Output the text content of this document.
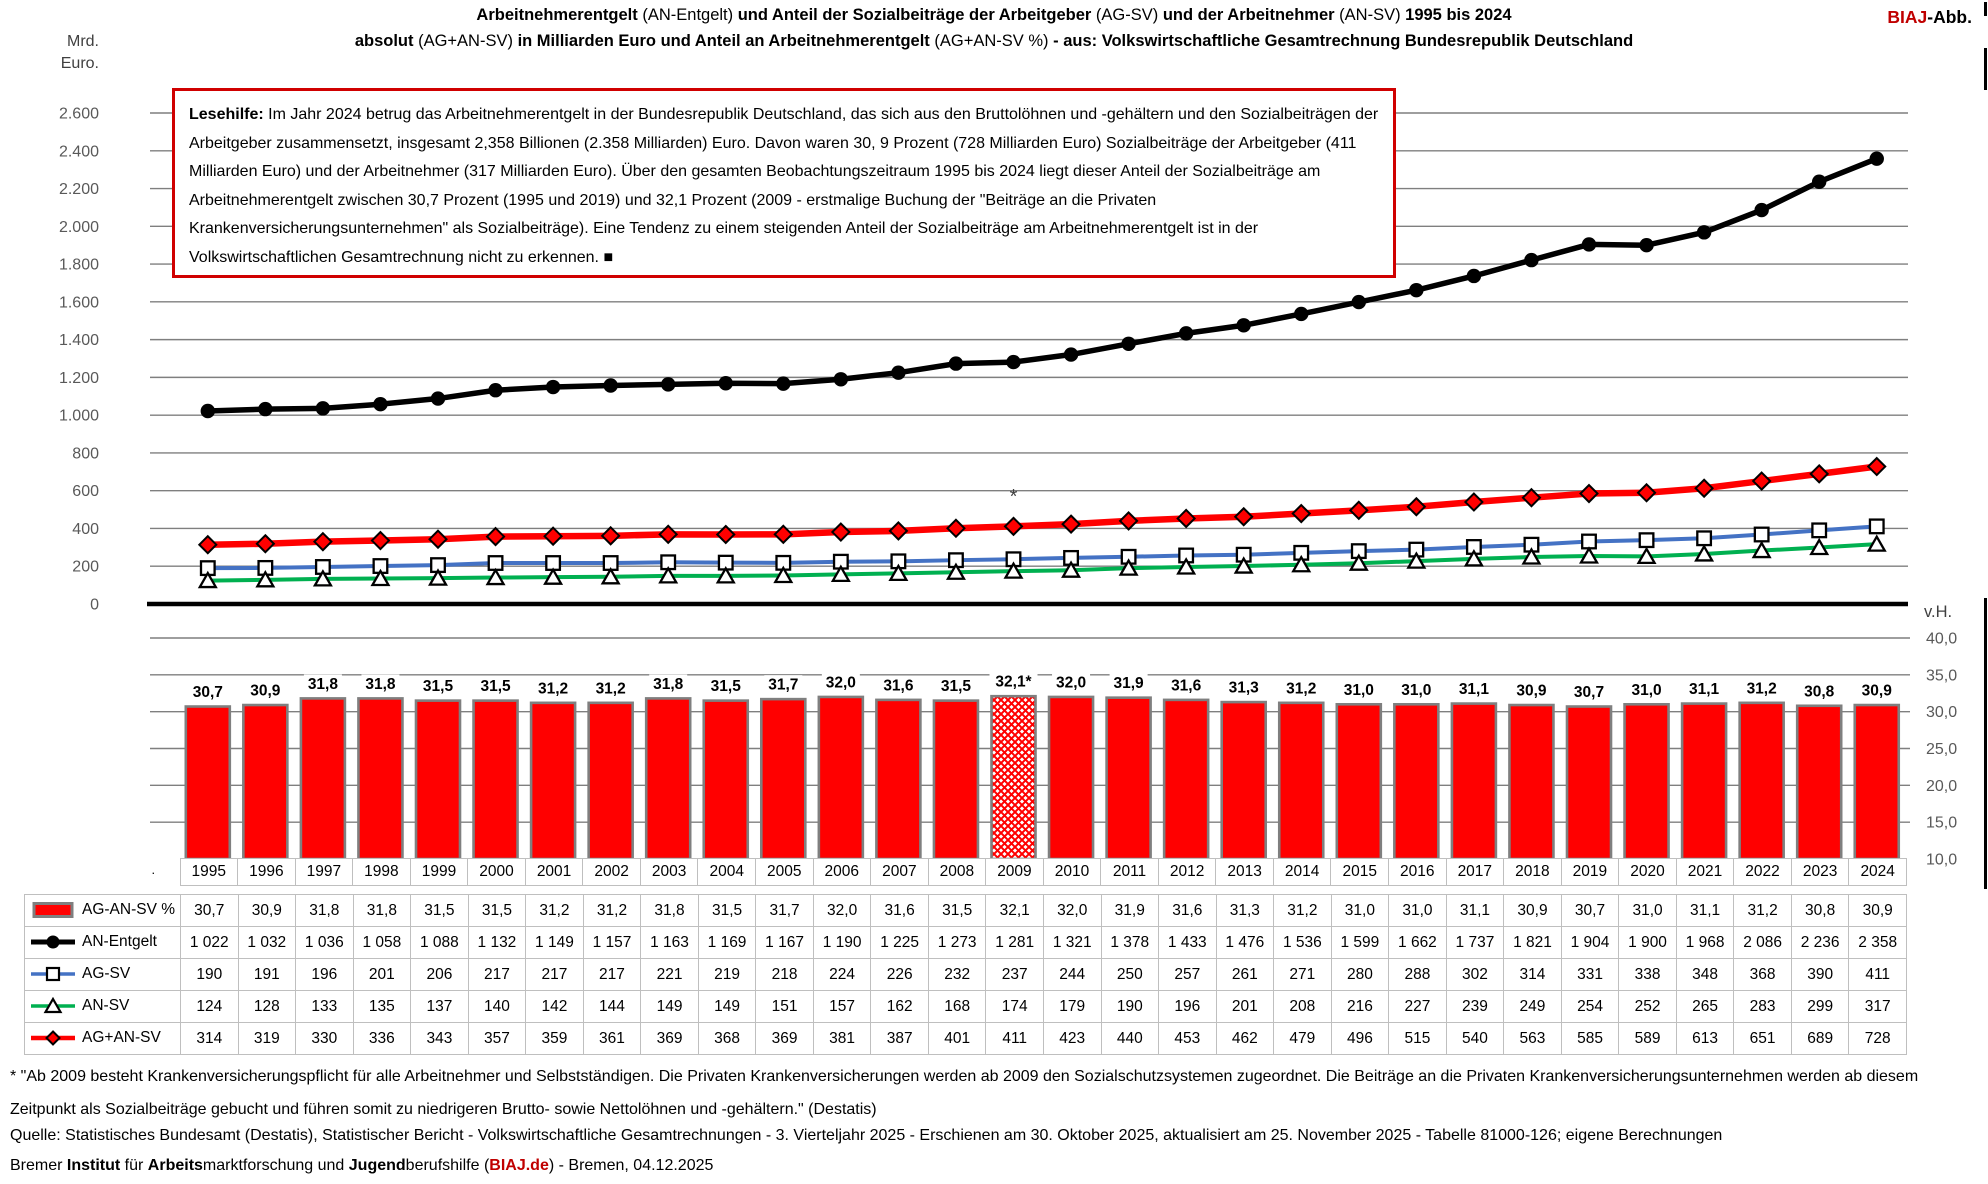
Arbeitnehmerentgelt (AN-Entgelt) und Anteil der Sozialbeiträge der Arbeitgeber (AG-SV) und der Arbeitnehmer (AN-SV) 1995 bis 2024
absolut (AG+AN-SV) in Milliarden Euro und Anteil an Arbeitnehmerentgelt (AG+AN-SV %) - aus: Volkswirtschaftliche Gesamtrechnung Bundesrepublik Deutschland
BIAJ-Abb.
2.600
2.400
2.200
2.000
1.800
1.600
1.400
1.200
1.000
800
600
400
200
0
Mrd.
Euro.
*
v.H.
30,7 30,9 31,8 31,8 31,5 31,5 31,2 31,2 31,8 31,5 31,7 32,0 31,6 31,5 32,1* 32,0 31,9 31,6 31,3 31,2 31,0 31,0 31,1 30,9 30,7 31,0 31,1 31,2 30,8 30,9
40,0
35,0
30,0
25,0
20,0
15,0
10,0
Lesehilfe: Im Jahr 2024 betrug das Arbeitnehmerentgelt in der Bundesrepublik Deutschland, das sich aus den Bruttolöhnen und -gehältern und den Sozialbeiträgen der Arbeitgeber zusammensetzt, insgesamt 2,358 Billionen (2.358 Milliarden) Euro. Davon waren 30, 9 Prozent (728 Milliarden Euro) Sozialbeiträge der Arbeitgeber (411 Milliarden Euro) und der Arbeitnehmer (317 Milliarden Euro). Über den gesamten Beobachtungszeitraum 1995 bis 2024 liegt dieser Anteil der Sozialbeiträge am Arbeitnehmerentgelt zwischen 30,7 Prozent (1995 und 2019) und 32,1 Prozent (2009 - erstmalige Buchung der "Beiträge an die Privaten Krankenversicherungsunternehmen" als Sozialbeiträge). Eine Tendenz zu einem steigenden Anteil der Sozialbeiträge am Arbeitnehmerentgelt ist in der Volkswirtschaftlichen Gesamtrechnung nicht zu erkennen. ■
·	1995	1996	1997	1998	1999	2000	2001	2002	2003	2004	2005	2006	2007	2008	2009	2010	2011	2012	2013	2014	2015	2016	2017	2018	2019	2020	2021	2022	2023	2024
AG-AN-SV %	30,7	30,9	31,8	31,8	31,5	31,5	31,2	31,2	31,8	31,5	31,7	32,0	31,6	31,5	32,1	32,0	31,9	31,6	31,3	31,2	31,0	31,0	31,1	30,9	30,7	31,0	31,1	31,2	30,8	30,9
AN-Entgelt	1 022	1 032	1 036	1 058	1 088	1 132	1 149	1 157	1 163	1 169	1 167	1 190	1 225	1 273	1 281	1 321	1 378	1 433	1 476	1 536	1 599	1 662	1 737	1 821	1 904	1 900	1 968	2 086	2 236	2 358
AG-SV	190	191	196	201	206	217	217	217	221	219	218	224	226	232	237	244	250	257	261	271	280	288	302	314	331	338	348	368	390	411
AN-SV	124	128	133	135	137	140	142	144	149	149	151	157	162	168	174	179	190	196	201	208	216	227	239	249	254	252	265	283	299	317
AG+AN-SV	314	319	330	336	343	357	359	361	369	368	369	381	387	401	411	423	440	453	462	479	496	515	540	563	585	589	613	651	689	728
* "Ab 2009 besteht Krankenversicherungspflicht für alle Arbeitnehmer und Selbstständigen. Die Privaten Krankenversicherungen werden ab 2009 den Sozialschutzsystemen zugeordnet. Die Beiträge an die Privaten Krankenversicherungsunternehmen werden ab diesem Zeitpunkt als Sozialbeiträge gebucht und führen somit zu niedrigeren Brutto- sowie Nettolöhnen und -gehältern." (Destatis)
Quelle: Statistisches Bundesamt (Destatis), Statistischer Bericht - Volkswirtschaftliche Gesamtrechnungen - 3. Vierteljahr 2025 - Erschienen am 30. Oktober 2025, aktualisiert am 25. November 2025 - Tabelle 81000-126; eigene Berechnungen
Bremer Institut für Arbeitsmarktforschung und Jugendberufshilfe (BIAJ.de) - Bremen, 04.12.2025
